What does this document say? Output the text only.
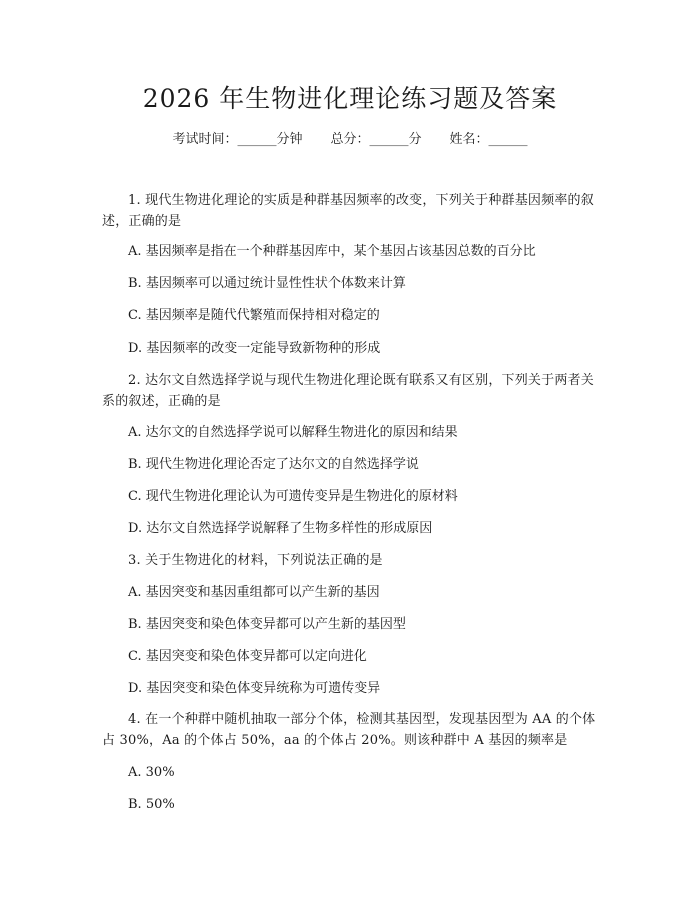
2026 年生物进化理论练习题及答案
考试时间：______分钟 总分：______分 姓名：______
1. 现代生物进化理论的实质是种群基因频率的改变，下列关于种群基因频率的叙述，正确的是
A. 基因频率是指在一个种群基因库中，某个基因占该基因总数的百分比
B. 基因频率可以通过统计显性性状个体数来计算
C. 基因频率是随代代繁殖而保持相对稳定的
D. 基因频率的改变一定能导致新物种的形成
2. 达尔文自然选择学说与现代生物进化理论既有联系又有区别，下列关于两者关系的叙述，正确的是
A. 达尔文的自然选择学说可以解释生物进化的原因和结果
B. 现代生物进化理论否定了达尔文的自然选择学说
C. 现代生物进化理论认为可遗传变异是生物进化的原材料
D. 达尔文自然选择学说解释了生物多样性的形成原因
3. 关于生物进化的材料，下列说法正确的是
A. 基因突变和基因重组都可以产生新的基因
B. 基因突变和染色体变异都可以产生新的基因型
C. 基因突变和染色体变异都可以定向进化
D. 基因突变和染色体变异统称为可遗传变异
4. 在一个种群中随机抽取一部分个体，检测其基因型，发现基因型为 AA 的个体占 30%，Aa 的个体占 50%，aa 的个体占 20%。则该种群中 A 基因的频率是
A. 30%
B. 50%
